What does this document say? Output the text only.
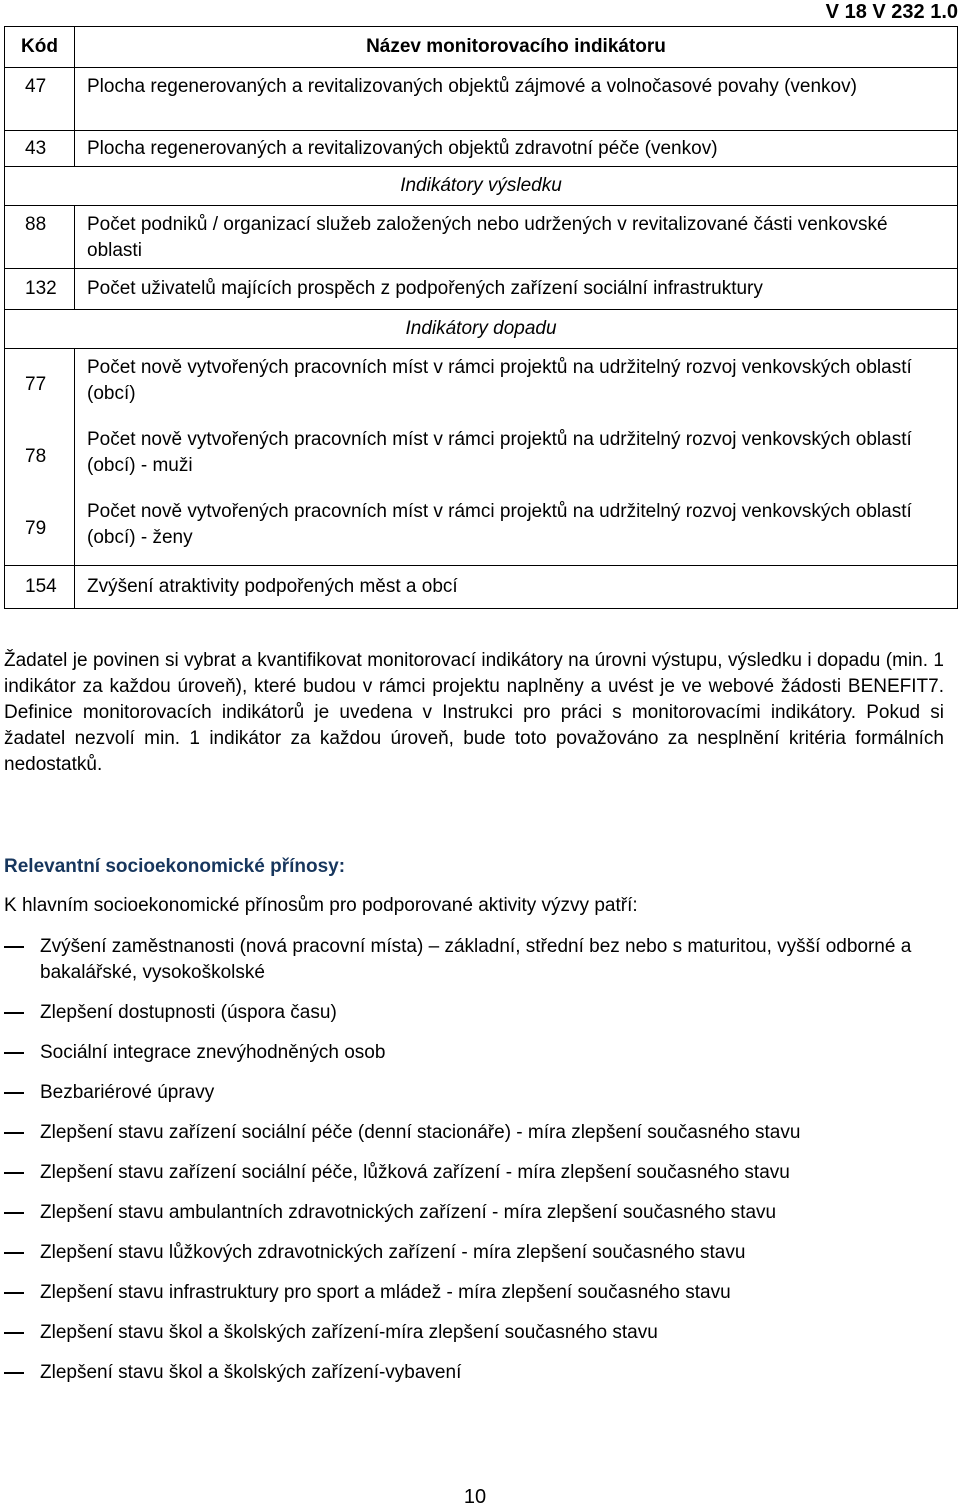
V 18 V 232 1.0
Kód	Název monitorovacího indikátoru
47	Plocha regenerovaných a revitalizovaných objektů zájmové a volnočasové povahy (venkov)
43	Plocha regenerovaných a revitalizovaných objektů zdravotní péče (venkov)
Indikátory výsledku	
88	Počet podniků / organizací služeb založených nebo udržených v revitalizované části venkovské oblasti
132	Počet uživatelů majících prospěch z podpořených zařízení sociální infrastruktury
Indikátory dopadu	
77	Počet nově vytvořených pracovních míst v rámci projektů na udržitelný rozvoj venkovských oblastí (obcí)
78	Počet nově vytvořených pracovních míst v rámci projektů na udržitelný rozvoj venkovských oblastí (obcí) - muži
79	Počet nově vytvořených pracovních míst v rámci projektů na udržitelný rozvoj venkovských oblastí (obcí) - ženy
154	Zvýšení atraktivity podpořených měst a obcí
Žadatel je povinen si vybrat a kvantifikovat monitorovací indikátory na úrovni výstupu, výsledku i dopadu (min. 1 indikátor za každou úroveň), které budou v rámci projektu naplněny a uvést je ve webové žádosti BENEFIT7. Definice monitorovacích indikátorů je uvedena v Instrukci pro práci s monitorovacími indikátory. Pokud si žadatel nezvolí min. 1 indikátor za každou úroveň, bude toto považováno za nesplnění kritéria formálních nedostatků.
Relevantní socioekonomické přínosy:
K hlavním socioekonomické přínosům pro podporované aktivity výzvy patří:
Zvýšení zaměstnanosti (nová pracovní místa) – základní, střední bez nebo s maturitou, vyšší odborné a bakalářské, vysokoškolské
Zlepšení dostupnosti (úspora času)
Sociální integrace znevýhodněných osob
Bezbariérové úpravy
Zlepšení stavu zařízení sociální péče (denní stacionáře) - míra zlepšení současného stavu
Zlepšení stavu zařízení sociální péče, lůžková zařízení - míra zlepšení současného stavu
Zlepšení stavu ambulantních zdravotnických zařízení - míra zlepšení současného stavu
Zlepšení stavu lůžkových zdravotnických zařízení - míra zlepšení současného stavu
Zlepšení stavu infrastruktury pro sport a mládež - míra zlepšení současného stavu
Zlepšení stavu škol a školských zařízení-míra zlepšení současného stavu
Zlepšení stavu škol a školských zařízení-vybavení
10
